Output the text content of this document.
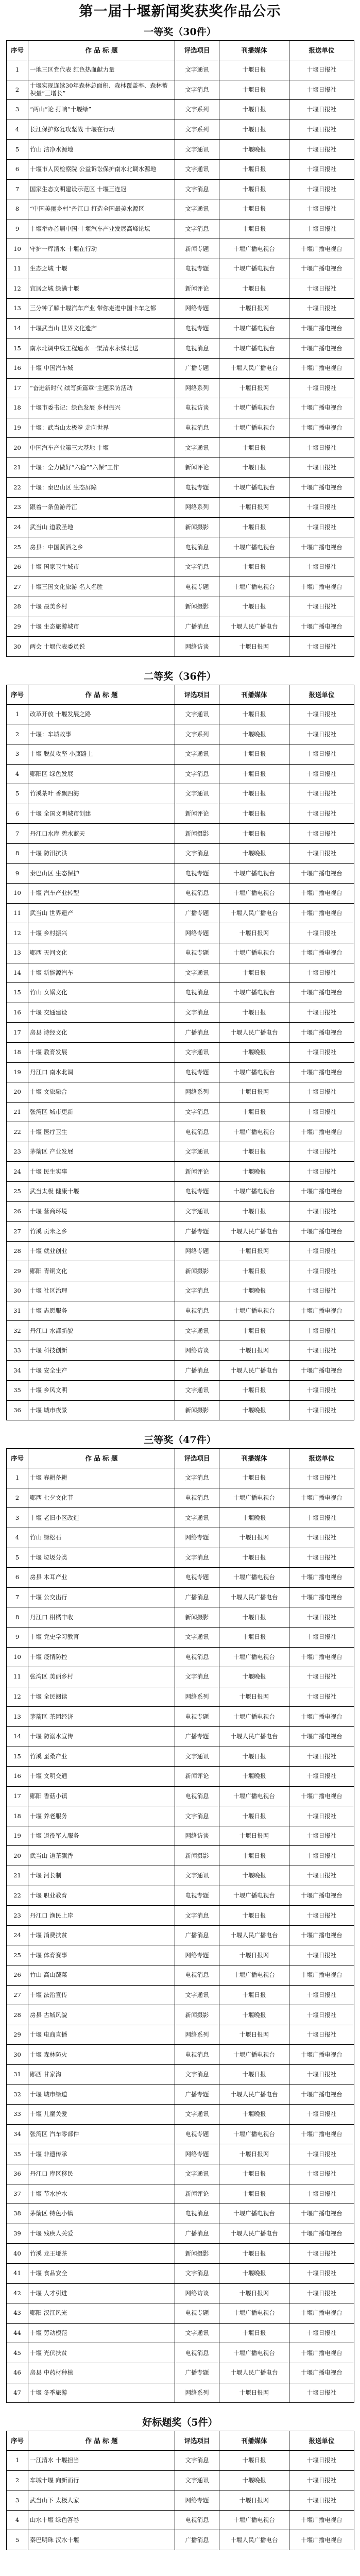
第一届十堰新闻奖获奖作品公示
一等奖（30件）
序号	作 品 标 题	评选项目	刊播媒体	报送单位
1	一地三区党代表 红色热血献力量	文字通讯	十堰日报	十堰日报社
2	十堰实现连续30年森林总面积、森林覆盖率、森林蓄积量“三增长”	文字消息	十堰日报	十堰日报社
3	“两山”论 打响“十堰绿”	文字系列	十堰日报	十堰日报社
4	长江保护修复攻坚战 十堰在行动	文字系列	十堰日报	十堰日报社
5	竹山 洁净水源地	文字通讯	十堰晚报	十堰日报社
6	十堰市人民检察院 公益诉讼保护南水北调水源地	文字通讯	十堰日报	十堰日报社
7	国家生态文明建设示范区 十堰三连冠	文字消息	十堰日报	十堰日报社
8	“中国美丽乡村”丹江口 打造全国最美水源区	文字通讯	十堰日报	十堰日报社
9	十堰举办首届中国·十堰汽车产业发展高峰论坛	文字消息	十堰日报	十堰日报社
10	守护一库清水 十堰在行动	新闻专题	十堰广播电视台	十堰广播电视台
11	生态之城 十堰	电视专题	十堰广播电视台	十堰广播电视台
12	宜居之城 绿满十堰	新闻评论	十堰日报	十堰日报社
13	三分钟了解十堰汽车产业 带你走进中国卡车之都	网络专题	十堰日报网	十堰日报社
14	十堰武当山 世界文化遗产	电视专题	十堰广播电视台	十堰广播电视台
15	南水北调中线工程通水 一渠清水永续北送	电视消息	十堰广播电视台	十堰广播电视台
16	十堰 中国汽车城	广播专题	十堰人民广播电台	十堰广播电视台
17	“奋进新时代 续写新篇章”主题采访活动	网络系列	十堰日报网	十堰日报社
18	十堰市委书记：绿色发展 乡村振兴	电视访谈	十堰广播电视台	十堰广播电视台
19	十堰：武当山太极拳 走向世界	电视消息	十堰广播电视台	十堰广播电视台
20	中国汽车产业第三大基地 十堰	文字通讯	十堰日报	十堰日报社
21	十堰：全力做好“六稳”“六保”工作	新闻评论	十堰日报	十堰日报社
22	十堰：秦巴山区 生态屏障	电视专题	十堰广播电视台	十堰广播电视台
23	跟着一条鱼游丹江	网络系列	十堰日报网	十堰日报社
24	武当山 道教圣地	新闻摄影	十堰日报	十堰日报社
25	房县：中国黄酒之乡	电视消息	十堰广播电视台	十堰广播电视台
26	十堰 国家卫生城市	文字消息	十堰日报	十堰日报社
27	十堰三国文化旅游 名人名胜	电视专题	十堰广播电视台	十堰广播电视台
28	十堰 最美乡村	新闻摄影	十堰日报	十堰日报社
29	十堰 生态旅游城市	广播消息	十堰人民广播电台	十堰广播电视台
30	两会 十堰代表委员说	网络访谈	十堰日报网	十堰日报社
二等奖（36件）
序号	作 品 标 题	评选项目	刊播媒体	报送单位
1	改革开放 十堰发展之路	文字通讯	十堰日报	十堰日报社
2	十堰：车城故事	文字系列	十堰晚报	十堰日报社
3	十堰 脱贫攻坚 小康路上	文字通讯	十堰日报	十堰日报社
4	郧阳区 绿色发展	文字消息	十堰日报	十堰日报社
5	竹溪茶叶 香飘四海	文字通讯	十堰日报	十堰日报社
6	十堰 全国文明城市创建	新闻评论	十堰日报	十堰日报社
7	丹江口水库 碧水蓝天	新闻摄影	十堰日报	十堰日报社
8	十堰 防汛抗洪	文字消息	十堰晚报	十堰日报社
9	秦巴山区 生态保护	电视专题	十堰广播电视台	十堰广播电视台
10	十堰 汽车产业转型	电视消息	十堰广播电视台	十堰广播电视台
11	武当山 世界遗产	广播专题	十堰人民广播电台	十堰广播电视台
12	十堰 乡村振兴	网络专题	十堰日报网	十堰日报社
13	郧西 天河文化	电视专题	十堰广播电视台	十堰广播电视台
14	十堰 新能源汽车	文字通讯	十堰日报	十堰日报社
15	竹山 女娲文化	电视消息	十堰广播电视台	十堰广播电视台
16	十堰 交通建设	文字消息	十堰日报	十堰日报社
17	房县 诗经文化	广播消息	十堰人民广播电台	十堰广播电视台
18	十堰 教育发展	文字通讯	十堰晚报	十堰日报社
19	丹江口 南水北调	电视专题	十堰广播电视台	十堰广播电视台
20	十堰 文旅融合	网络系列	十堰日报网	十堰日报社
21	张湾区 城市更新	文字消息	十堰日报	十堰日报社
22	十堰 医疗卫生	电视消息	十堰广播电视台	十堰广播电视台
23	茅箭区 产业发展	文字通讯	十堰日报	十堰日报社
24	十堰 民生实事	新闻评论	十堰晚报	十堰日报社
25	武当太极 健康十堰	电视专题	十堰广播电视台	十堰广播电视台
26	十堰 营商环境	文字通讯	十堰日报	十堰日报社
27	竹溪 贡米之乡	广播专题	十堰人民广播电台	十堰广播电视台
28	十堰 就业创业	网络专题	十堰日报网	十堰日报社
29	郧阳 青铜文化	新闻摄影	十堰日报	十堰日报社
30	十堰 社区治理	文字消息	十堰晚报	十堰日报社
31	十堰 志愿服务	电视消息	十堰广播电视台	十堰广播电视台
32	丹江口 水都新貌	文字通讯	十堰日报	十堰日报社
33	十堰 科技创新	网络访谈	十堰日报网	十堰日报社
34	十堰 安全生产	广播消息	十堰人民广播电台	十堰广播电视台
35	十堰 乡风文明	文字通讯	十堰日报	十堰日报社
36	十堰 城市夜景	新闻摄影	十堰晚报	十堰日报社
三等奖（47件）
序号	作 品 标 题	评选项目	刊播媒体	报送单位
1	十堰 春耕备耕	文字消息	十堰日报	十堰日报社
2	郧西 七夕文化节	电视消息	十堰广播电视台	十堰广播电视台
3	十堰 老旧小区改造	文字通讯	十堰晚报	十堰日报社
4	竹山 绿松石	网络专题	十堰日报网	十堰日报社
5	十堰 垃圾分类	文字消息	十堰日报	十堰日报社
6	房县 木耳产业	电视专题	十堰广播电视台	十堰广播电视台
7	十堰 公交出行	广播消息	十堰人民广播电台	十堰广播电视台
8	丹江口 柑橘丰收	新闻摄影	十堰日报	十堰日报社
9	十堰 党史学习教育	文字通讯	十堰日报	十堰日报社
10	十堰 疫情防控	电视消息	十堰广播电视台	十堰广播电视台
11	张湾区 美丽乡村	文字消息	十堰晚报	十堰日报社
12	十堰 全民阅读	网络系列	十堰日报网	十堰日报社
13	茅箭区 茶园经济	电视专题	十堰广播电视台	十堰广播电视台
14	十堰 防溺水宣传	广播专题	十堰人民广播电台	十堰广播电视台
15	竹溪 蚕桑产业	文字通讯	十堰日报	十堰日报社
16	十堰 文明交通	新闻评论	十堰晚报	十堰日报社
17	郧阳 香菇小镇	电视消息	十堰广播电视台	十堰广播电视台
18	十堰 养老服务	文字消息	十堰日报	十堰日报社
19	十堰 退役军人服务	网络访谈	十堰日报网	十堰日报社
20	武当山 道茶飘香	新闻摄影	十堰日报	十堰日报社
21	十堰 河长制	文字通讯	十堰晚报	十堰日报社
22	十堰 职业教育	电视专题	十堰广播电视台	十堰广播电视台
23	丹江口 渔民上岸	文字消息	十堰日报	十堰日报社
24	十堰 消费扶贫	广播消息	十堰人民广播电台	十堰广播电视台
25	十堰 体育赛事	网络专题	十堰日报网	十堰日报社
26	竹山 高山蔬菜	电视消息	十堰广播电视台	十堰广播电视台
27	十堰 法治宣传	文字通讯	十堰日报	十堰日报社
28	房县 古城风貌	新闻摄影	十堰晚报	十堰日报社
29	十堰 电商直播	网络系列	十堰日报网	十堰日报社
30	十堰 森林防火	电视消息	十堰广播电视台	十堰广播电视台
31	郧西 甘家沟	文字消息	十堰日报	十堰日报社
32	十堰 城市绿道	广播专题	十堰人民广播电台	十堰广播电视台
33	十堰 儿童关爱	文字通讯	十堰晚报	十堰日报社
34	张湾区 汽车零部件	电视专题	十堰广播电视台	十堰广播电视台
35	十堰 非遗传承	网络专题	十堰日报网	十堰日报社
36	丹江口 库区移民	文字通讯	十堰日报	十堰日报社
37	十堰 节水护水	新闻评论	十堰日报	十堰日报社
38	茅箭区 特色小镇	电视消息	十堰广播电视台	十堰广播电视台
39	十堰 残疾人关爱	广播消息	十堰人民广播电台	十堰广播电视台
40	竹溪 龙王垭茶	新闻摄影	十堰日报	十堰日报社
41	十堰 食品安全	文字消息	十堰晚报	十堰日报社
42	十堰 人才引进	网络访谈	十堰日报网	十堰日报社
43	郧阳 汉江风光	电视专题	十堰广播电视台	十堰广播电视台
44	十堰 劳动模范	文字通讯	十堰日报	十堰日报社
45	十堰 光伏扶贫	电视消息	十堰广播电视台	十堰广播电视台
46	房县 中药材种植	广播专题	十堰人民广播电台	十堰广播电视台
47	十堰 冬季旅游	网络系列	十堰日报网	十堰日报社
好标题奖（5件）
序号	作 品 标 题	评选项目	刊播媒体	报送单位
1	一江清水 十堰担当	文字消息	十堰日报	十堰日报社
2	车城十堰 向新而行	文字通讯	十堰晚报	十堰日报社
3	武当山下 太极人家	网络专题	十堰日报网	十堰日报社
4	山水十堰 绿色答卷	电视消息	十堰广播电视台	十堰广播电视台
5	秦巴明珠 汉水十堰	广播消息	十堰人民广播电台	十堰广播电视台
